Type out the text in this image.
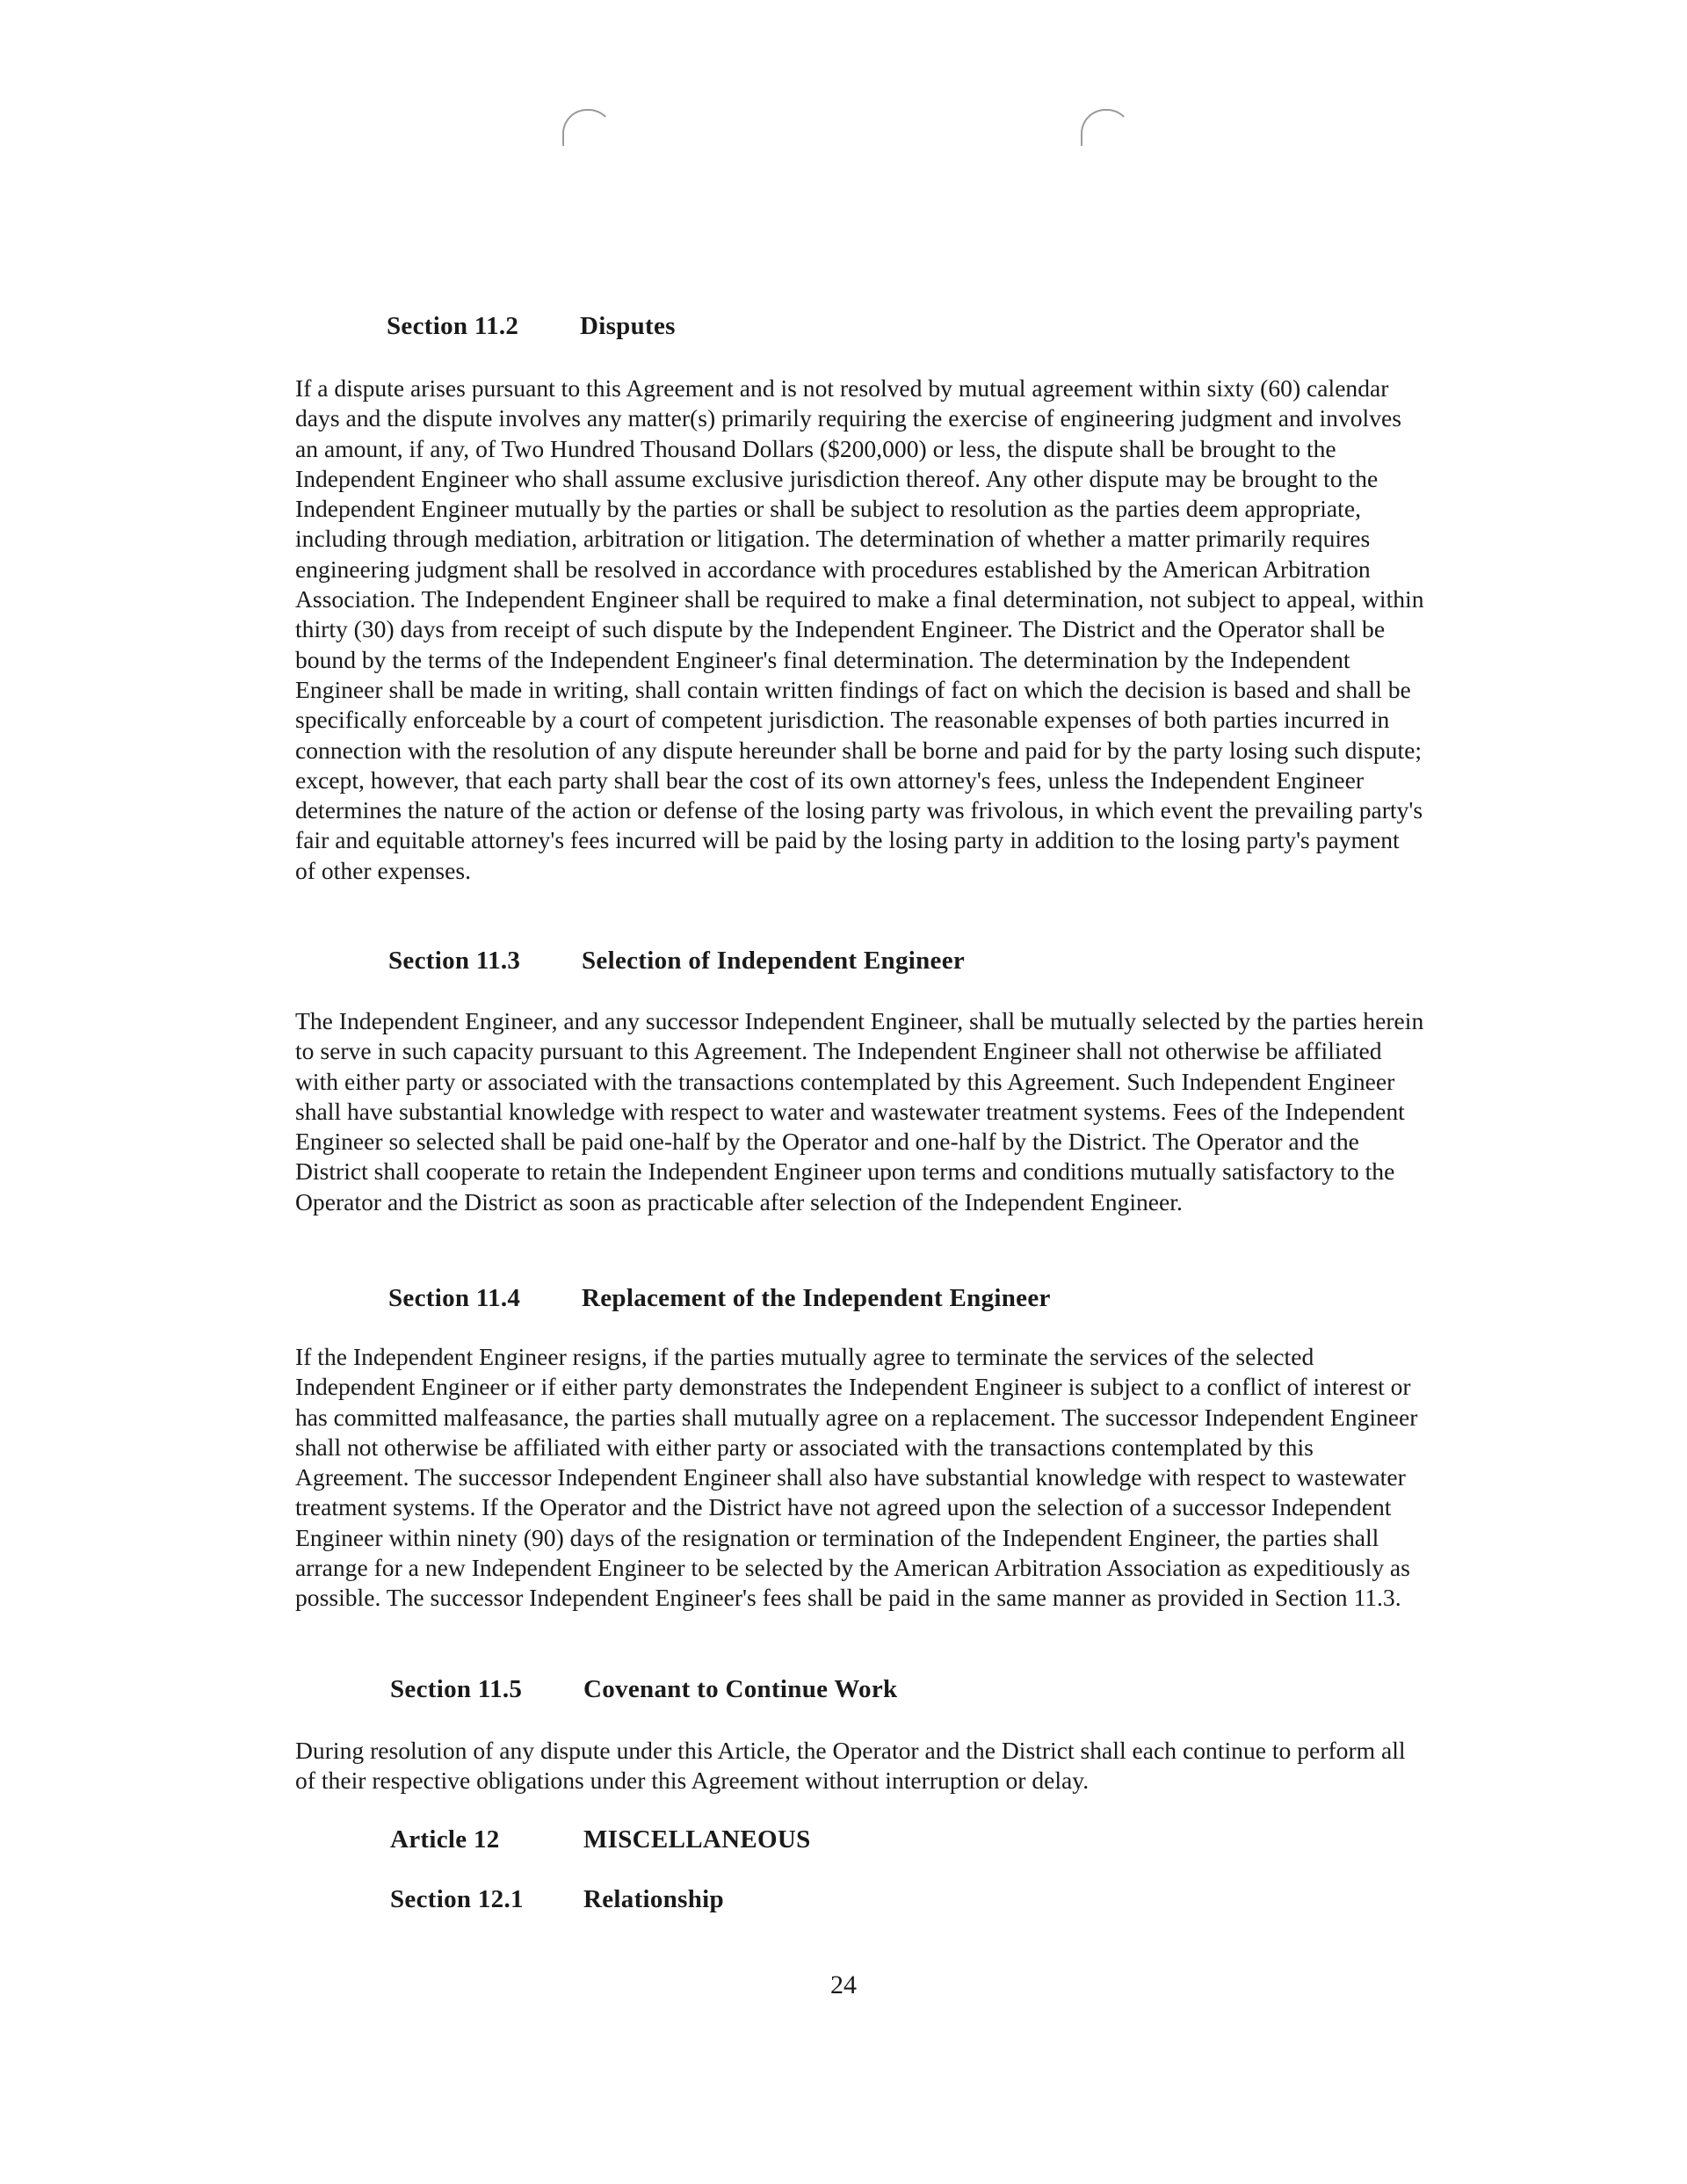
Section 11.2 Disputes

If a dispute arises pursuant to this Agreement and is not resolved by mutual agreement within sixty (60) calendar days and the dispute involves any matter(s) primarily requiring the exercise of engineering judgment and involves an amount, if any, of Two Hundred Thousand Dollars ($200,000) or less, the dispute shall be brought to the Independent Engineer who shall assume exclusive jurisdiction thereof. Any other dispute may be brought to the Independent Engineer mutually by the parties or shall be subject to resolution as the parties deem appropriate, including through mediation, arbitration or litigation. The determination of whether a matter primarily requires engineering judgment shall be resolved in accordance with procedures established by the American Arbitration Association. The Independent Engineer shall be required to make a final determination, not subject to appeal, within thirty (30) days from receipt of such dispute by the Independent Engineer. The District and the Operator shall be bound by the terms of the Independent Engineer's final determination. The determination by the Independent Engineer shall be made in writing, shall contain written findings of fact on which the decision is based and shall be specifically enforceable by a court of competent jurisdiction. The reasonable expenses of both parties incurred in connection with the resolution of any dispute hereunder shall be borne and paid for by the party losing such dispute; except, however, that each party shall bear the cost of its own attorney's fees, unless the Independent Engineer determines the nature of the action or defense of the losing party was frivolous, in which event the prevailing party's fair and equitable attorney's fees incurred will be paid by the losing party in addition to the losing party's payment of other expenses.

Section 11.3 Selection of Independent Engineer

The Independent Engineer, and any successor Independent Engineer, shall be mutually selected by the parties herein to serve in such capacity pursuant to this Agreement. The Independent Engineer shall not otherwise be affiliated with either party or associated with the transactions contemplated by this Agreement. Such Independent Engineer shall have substantial knowledge with respect to water and wastewater treatment systems. Fees of the Independent Engineer so selected shall be paid one-half by the Operator and one-half by the District. The Operator and the District shall cooperate to retain the Independent Engineer upon terms and conditions mutually satisfactory to the Operator and the District as soon as practicable after selection of the Independent Engineer.

Section 11.4 Replacement of the Independent Engineer

If the Independent Engineer resigns, if the parties mutually agree to terminate the services of the selected Independent Engineer or if either party demonstrates the Independent Engineer is subject to a conflict of interest or has committed malfeasance, the parties shall mutually agree on a replacement. The successor Independent Engineer shall not otherwise be affiliated with either party or associated with the transactions contemplated by this Agreement. The successor Independent Engineer shall also have substantial knowledge with respect to wastewater treatment systems. If the Operator and the District have not agreed upon the selection of a successor Independent Engineer within ninety (90) days of the resignation or termination of the Independent Engineer, the parties shall arrange for a new Independent Engineer to be selected by the American Arbitration Association as expeditiously as possible. The successor Independent Engineer's fees shall be paid in the same manner as provided in Section 11.3.

Section 11.5 Covenant to Continue Work

During resolution of any dispute under this Article, the Operator and the District shall each continue to perform all of their respective obligations under this Agreement without interruption or delay.

Article 12	MISCELLANEOUS
Section 12.1 Relationship
24
